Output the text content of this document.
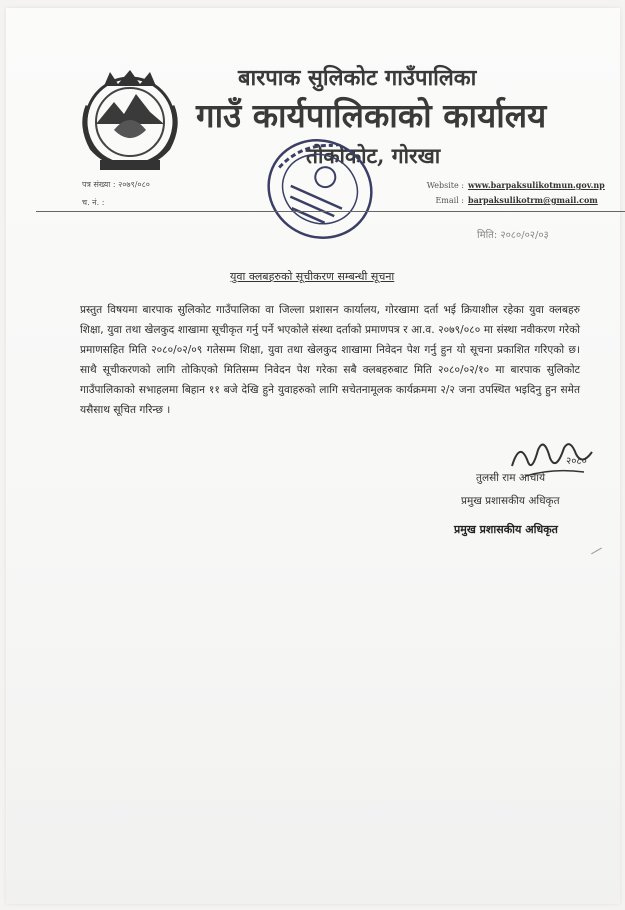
बारपाक सुलिकोट गाउँपालिका
गाउँ कार्यपालिकाको कार्यालय
तोकोकोट, गोरखा
पत्र संख्या : २०७९/०८०
च. नं. :
Website : www.barpaksulikotmun.gov.np
Email : barpaksulikotrm@gmail.com
मिति: २०८०/०२/०३
युवा क्लबहरुको सूचीकरण सम्बन्धी सूचना
प्रस्तुत विषयमा बारपाक सुलिकोट गाउँपालिका वा जिल्ला प्रशासन कार्यालय, गोरखामा दर्ता भई क्रियाशील रहेका युवा क्लबहरु शिक्षा, युवा तथा खेलकुद शाखामा सूचीकृत गर्नु पर्ने भएकोले संस्था दर्ताको प्रमाणपत्र र आ.व. २०७९/०८० मा संस्था नवीकरण गरेको प्रमाणसहित मिति २०८०/०२/०९ गतेसम्म शिक्षा, युवा तथा खेलकुद शाखामा निवेदन पेश गर्नु हुन यो सूचना प्रकाशित गरिएको छ। साथै सूचीकरणको लागि तोकिएको मितिसम्म निवेदन पेश गरेका सबै क्लबहरुबाट मिति २०८०/०२/१० मा बारपाक सुलिकोट गाउँपालिकाको सभाहलमा बिहान ११ बजे देखि हुने युवाहरुको लागि सचेतनामूलक कार्यक्रममा २/२ जना उपस्थित भइदिनु हुन समेत यसैसाथ सूचित गरिन्छ ।
२०८०
तुलसी राम आचार्य
प्रमुख प्रशासकीय अधिकृत
प्रमुख प्रशासकीय अधिकृत
